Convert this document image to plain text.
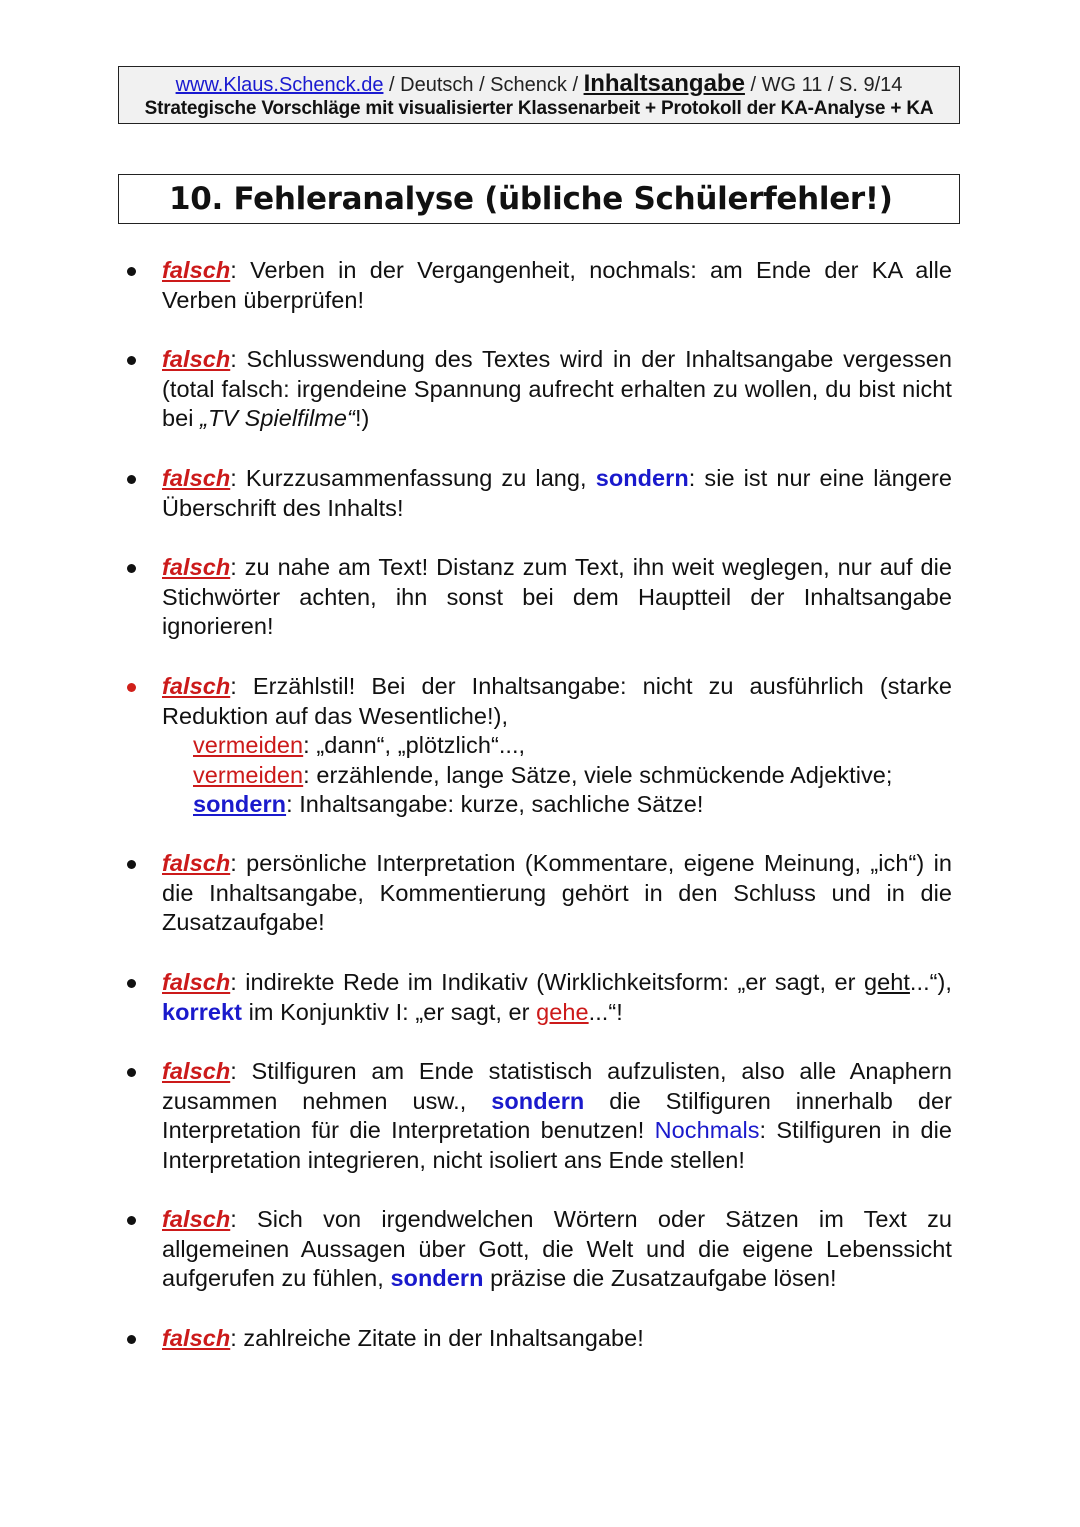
www.Klaus.Schenck.de / Deutsch / Schenck / Inhaltsangabe / WG 11 / S. 9/14
Strategische Vorschläge mit visualisierter Klassenarbeit + Protokoll der KA-Analyse + KA
10. Fehleranalyse (übliche Schülerfehler!)
falsch: Verben in der Vergangenheit, nochmals: am Ende der KA alle Verben überprüfen!
falsch: Schlusswendung des Textes wird in der Inhaltsangabe vergessen (total falsch: irgendeine Spannung aufrecht erhalten zu wollen, du bist nicht bei „TV Spielfilme“!)
falsch: Kurzzusammenfassung zu lang, sondern: sie ist nur eine längere Überschrift des Inhalts!
falsch: zu nahe am Text! Distanz zum Text, ihn weit weglegen, nur auf die Stichwörter achten, ihn sonst bei dem Hauptteil der Inhaltsangabe ignorieren!

falsch: Erzählstil! Bei der Inhaltsangabe: nicht zu ausführlich (starke Reduktion auf das Wesentliche!),

vermeiden: „dann“, „plötzlich“...,

vermeiden: erzählende, lange Sätze, viele schmückende Adjektive;

sondern: Inhaltsangabe: kurze, sachliche Sätze!

falsch: persönliche Interpretation (Kommentare, eigene Meinung, „ich“) in die Inhaltsangabe, Kommentierung gehört in den Schluss und in die Zusatzaufgabe!
falsch: indirekte Rede im Indikativ (Wirklichkeitsform: „er sagt, er geht...“), korrekt im Konjunktiv I: „er sagt, er gehe...“!
falsch: Stilfiguren am Ende statistisch aufzulisten, also alle Anaphern zusammen nehmen usw., sondern die Stilfiguren innerhalb der Interpretation für die Interpretation benutzen! Nochmals: Stilfiguren in die Interpretation integrieren, nicht isoliert ans Ende stellen!
falsch: Sich von irgendwelchen Wörtern oder Sätzen im Text zu allgemeinen Aussagen über Gott, die Welt und die eigene Lebenssicht aufgerufen zu fühlen, sondern präzise die Zusatzaufgabe lösen!
falsch: zahlreiche Zitate in der Inhaltsangabe!
